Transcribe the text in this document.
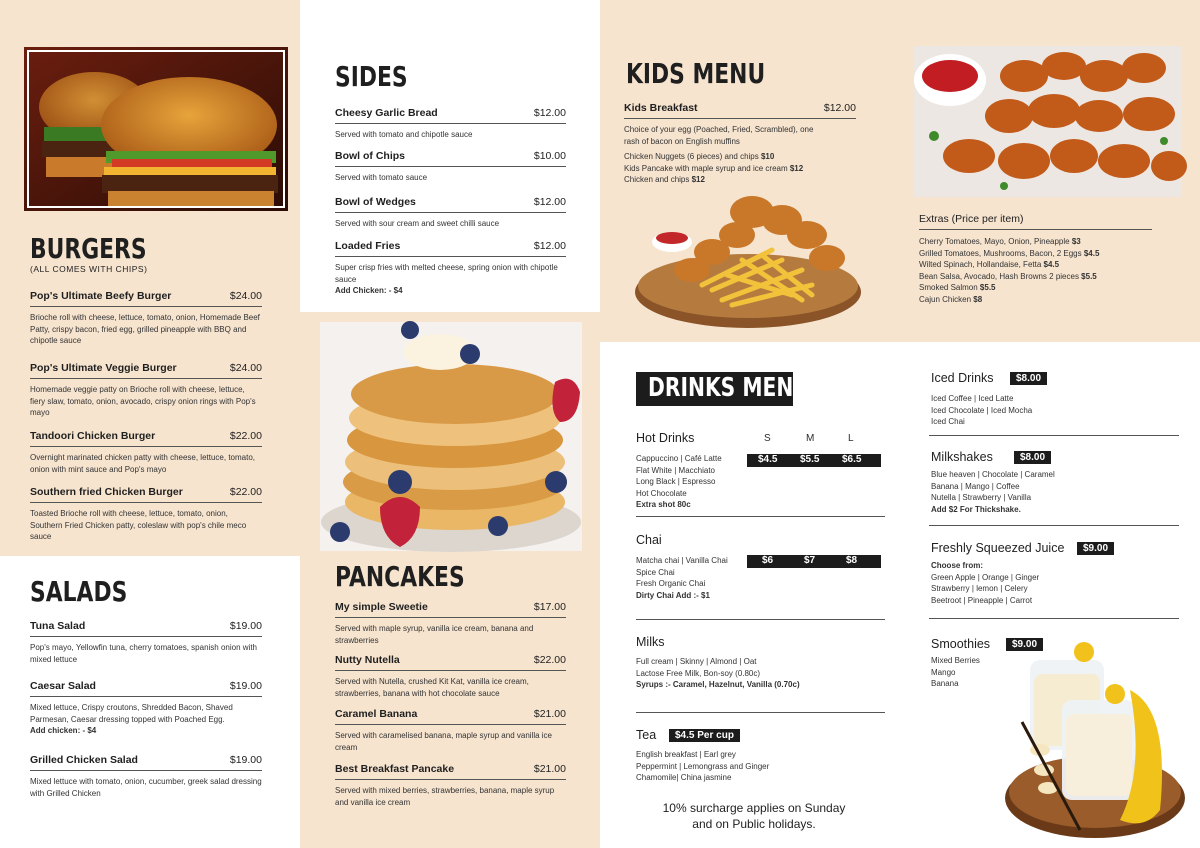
BURGERS
(ALL COMES WITH CHIPS)
Pop's Ultimate Beefy Burger	$24.00
Brioche roll with cheese, lettuce, tomato, onion, Homemade Beef Patty, crispy bacon, fried egg, grilled pineapple with BBQ and chipotle sauce
Pop's Ultimate Veggie Burger	$24.00
Homemade veggie patty on Brioche roll with cheese, lettuce, fiery slaw, tomato, onion, avocado, crispy onion rings with Pop's mayo
Tandoori Chicken Burger	$22.00
Overnight marinated chicken patty with cheese, lettuce, tomato, onion with mint sauce and Pop's mayo
Southern fried Chicken Burger	$22.00
Toasted Brioche roll with cheese, lettuce, tomato, onion, Southern Fried Chicken patty, coleslaw with pop's chile meco sauce
SALADS
Tuna Salad	$19.00
Pop's mayo, Yellowfin tuna, cherry tomatoes, spanish onion with mixed lettuce
Caesar Salad	$19.00
Mixed lettuce, Crispy croutons, Shredded Bacon, Shaved Parmesan, Caesar dressing topped with Poached Egg.
Add chicken: - $4
Grilled Chicken Salad	$19.00
Mixed lettuce with tomato, onion, cucumber, greek salad dressing with Grilled Chicken
SIDES
Cheesy Garlic Bread	$12.00
Served with tomato and chipotle sauce
Bowl of Chips	$10.00
Served with tomato sauce
Bowl of Wedges	$12.00
Served with sour cream and sweet chilli sauce
Loaded Fries	$12.00
Super crisp fries with melted cheese, spring onion with chipotle sauce
Add Chicken: - $4
PANCAKES
My simple Sweetie	$17.00
Served with maple syrup, vanilla ice cream, banana and strawberries
Nutty Nutella	$22.00
Served with Nutella, crushed Kit Kat, vanilla ice cream, strawberries, banana with hot chocolate sauce
Caramel Banana	$21.00
Served with caramelised banana, maple syrup and vanilla ice cream
Best Breakfast Pancake	$21.00
Served with mixed berries, strawberries, banana, maple syrup and vanilla ice cream
KIDS MENU
Kids Breakfast	$12.00
Choice of your egg (Poached, Fried, Scrambled), one rash of bacon on English muffins
Chicken Nuggets (6 pieces) and chips $10
Kids Pancake with maple syrup and ice cream $12
Chicken and chips $12
Extras (Price per item)
Cherry Tomatoes, Mayo, Onion, Pineapple $3
Grilled Tomatoes, Mushrooms, Bacon, 2 Eggs $4.5
Wilted Spinach, Hollandaise, Fetta $4.5
Bean Salsa, Avocado, Hash Browns 2 pieces $5.5
Smoked Salmon $5.5
Cajun Chicken $8
DRINKS MENU
Hot Drinks	S	M	L
$4.5 $5.5 $6.5
Cappuccino | Café Latte
Flat White | Macchiato
Long Black | Espresso
Hot Chocolate
Extra shot 80c
Chai
$6	$7	$8
Matcha chai | Vanilla Chai
Spice Chai
Fresh Organic Chai
Dirty Chai Add :- $1
Milks
Full cream | Skinny | Almond | Oat
Lactose Free Milk, Bon-soy (0.80c)
Syrups :- Caramel, Hazelnut, Vanilla (0.70c)
Tea	$4.5 Per cup
English breakfast | Earl grey
Peppermint | Lemongrass and Ginger
Chamomile| China jasmine
10% surcharge applies on Sunday
and on Public holidays.
Iced Drinks	$8.00
Iced Coffee | Iced Latte
Iced Chocolate | Iced Mocha
Iced Chai
Milkshakes	$8.00
Blue heaven | Chocolate | Caramel
Banana | Mango | Coffee
Nutella | Strawberry | Vanilla
Add $2 For Thickshake.
Freshly Squeezed Juice	$9.00
Choose from:
Green Apple | Orange | Ginger
Strawberry | lemon | Celery
Beetroot | Pineapple | Carrot
Smoothies	$9.00
Mixed Berries
Mango
Banana
